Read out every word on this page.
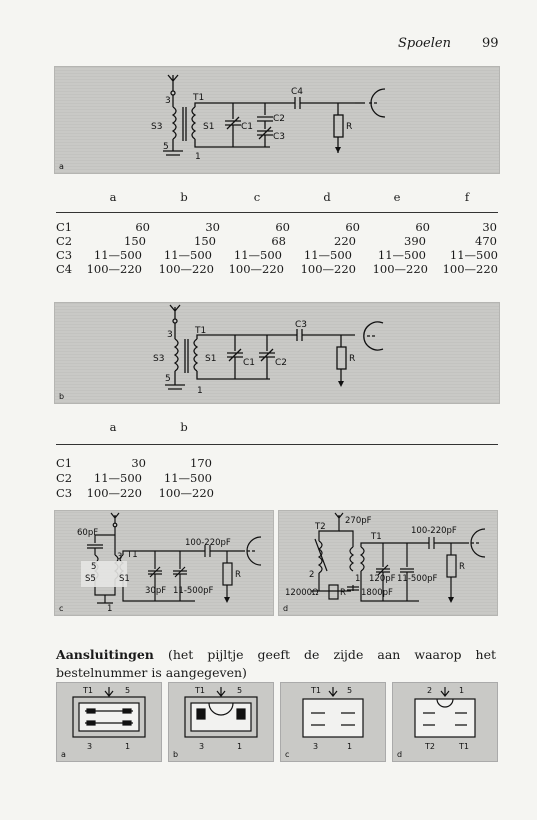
Spoelen 99
3 T1
S3	S1
5
1
C1
C2
C3
C4
R
a
a	b	c	d	e	f
C1	60	30	60	60	60	30
C2	150	150	68	220	390	470
C3	11—500	11—500	11—500	11—500	11—500	11—500
C4	100—220	100—220	100—220	100—220	100—220	100—220
3 T1
S3	S1
5
1
C1 C2
C3
R
b
a	b
C1	30	170
C2	11—500	11—500
C3	100—220	100—220
60pF
5
S5	S1
3 T1
1
30pF 11-500pF
100-220pF
R
c
T2
270pF
T1
100-220pF
2	1 120pF 11-500pF
12000Ω	R 1800pF
R
d
Aansluitingen (het pijltje geeft de zijde aan waarop het bestelnummer is aangegeven)
T1	5
3	1
a
T1	5
3	1
b
T1	5
3	1
c
2	1
T2	T1
d
